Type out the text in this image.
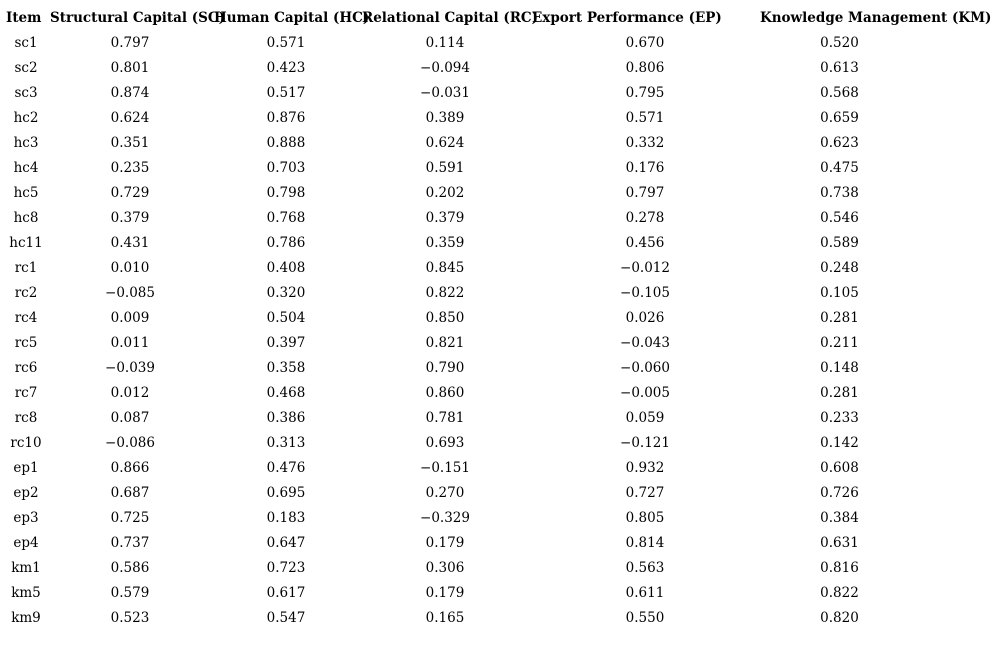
Item	Structural Capital (SC)	Human Capital (HC)	Relational Capital (RC)	Export Performance (EP)	Knowledge Management (KM)
sc1	0.797	0.571	0.114	0.670	0.520
sc2	0.801	0.423	−0.094	0.806	0.613
sc3	0.874	0.517	−0.031	0.795	0.568
hc2	0.624	0.876	0.389	0.571	0.659
hc3	0.351	0.888	0.624	0.332	0.623
hc4	0.235	0.703	0.591	0.176	0.475
hc5	0.729	0.798	0.202	0.797	0.738
hc8	0.379	0.768	0.379	0.278	0.546
hc11	0.431	0.786	0.359	0.456	0.589
rc1	0.010	0.408	0.845	−0.012	0.248
rc2	−0.085	0.320	0.822	−0.105	0.105
rc4	0.009	0.504	0.850	0.026	0.281
rc5	0.011	0.397	0.821	−0.043	0.211
rc6	−0.039	0.358	0.790	−0.060	0.148
rc7	0.012	0.468	0.860	−0.005	0.281
rc8	0.087	0.386	0.781	0.059	0.233
rc10	−0.086	0.313	0.693	−0.121	0.142
ep1	0.866	0.476	−0.151	0.932	0.608
ep2	0.687	0.695	0.270	0.727	0.726
ep3	0.725	0.183	−0.329	0.805	0.384
ep4	0.737	0.647	0.179	0.814	0.631
km1	0.586	0.723	0.306	0.563	0.816
km5	0.579	0.617	0.179	0.611	0.822
km9	0.523	0.547	0.165	0.550	0.820
